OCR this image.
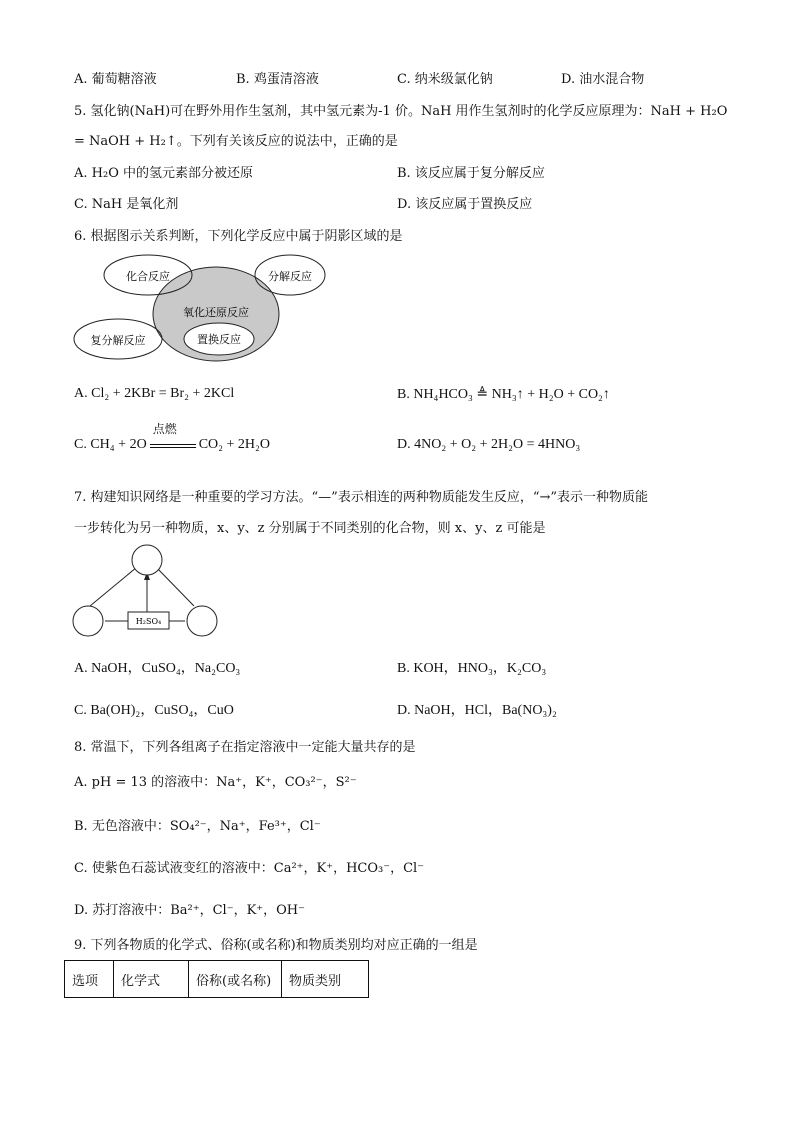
A. 葡萄糖溶液	B. 鸡蛋清溶液	C. 纳米级氯化钠	D. 油水混合物
5. 氢化钠(NaH)可在野外用作生氢剂，其中氢元素为-1 价。NaH 用作生氢剂时的化学反应原理为：NaH + H₂O
= NaOH + H₂↑。下列有关该反应的说法中，正确的是
A. H₂O 中的氢元素部分被还原	B. 该反应属于复分解反应
C. NaH 是氧化剂	D. 该反应属于置换反应
6. 根据图示关系判断，下列化学反应中属于阴影区域的是
化合反应	分解反应
氧化还原反应
置换反应
复分解反应
A. Cl₂ + 2KBr = Br₂ + 2KCl	B. NH₄HCO₃ ≜ NH₃↑ + H₂O + CO₂↑
C. CH₄ + 2O
点燃
CO₂ + 2H₂O	D. 4NO₂ + O₂ + 2H₂O = 4HNO₃
7. 构建知识网络是一种重要的学习方法。“—”表示相连的两种物质能发生反应，“→”表示一种物质能
一步转化为另一种物质，x、y、z 分别属于不同类别的化合物，则 x、y、z 可能是
H₂SO₄
A. NaOH，CuSO₄，Na₂CO₃	B. KOH，HNO₃，K₂CO₃
C. Ba(OH)₂，CuSO₄，CuO	D. NaOH，HCl，Ba(NO₃)₂
8. 常温下，下列各组离子在指定溶液中一定能大量共存的是
A. pH = 13 的溶液中：Na⁺，K⁺，CO₃²⁻，S²⁻
B. 无色溶液中：SO₄²⁻，Na⁺，Fe³⁺，Cl⁻
C. 使紫色石蕊试液变红的溶液中：Ca²⁺，K⁺，HCO₃⁻，Cl⁻
D. 苏打溶液中：Ba²⁺，Cl⁻，K⁺，OH⁻
9. 下列各物质的化学式、俗称(或名称)和物质类别均对应正确的一组是
选项	化学式	俗称(或名称)	物质类别
